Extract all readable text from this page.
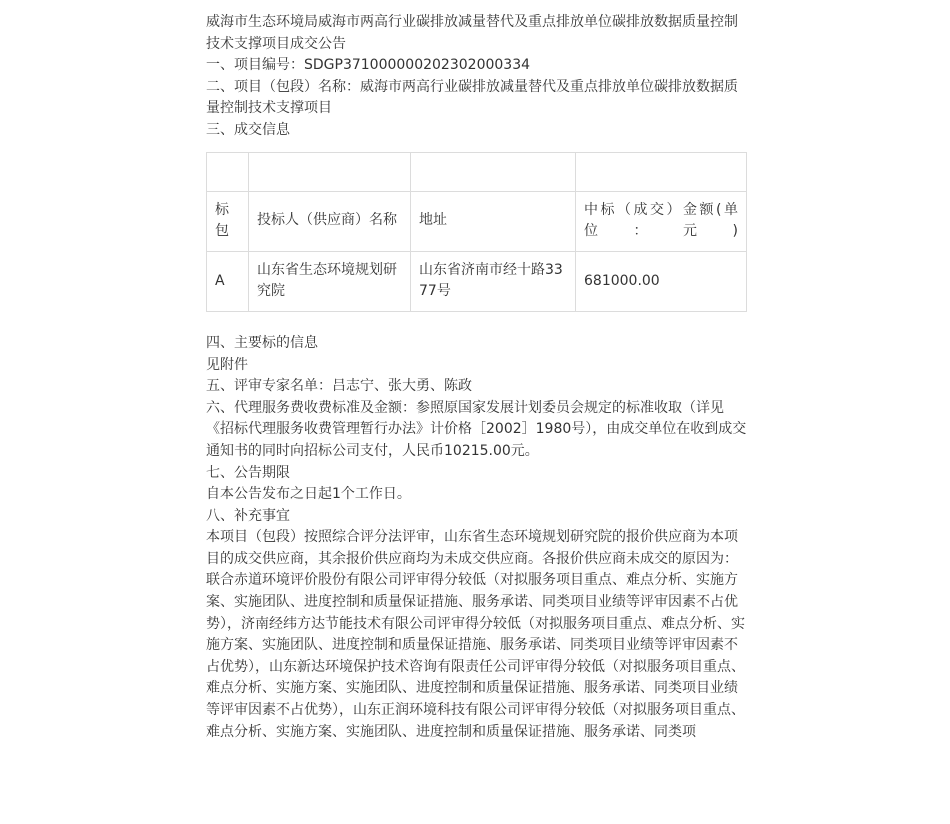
威海市生态环境局威海市两高行业碳排放减量替代及重点排放单位碳排放数据质量控制技术支撑项目成交公告

一、项目编号：SDGP371000000202302000334

二、项目（包段）名称：威海市两高行业碳排放减量替代及重点排放单位碳排放数据质量控制技术支撑项目

三、成交信息

标包	投标人（供应商）名称	地址	中标（成交）金额(单位：元)
A	山东省生态环境规划研究院	山东省济南市经十路3377号	681000.00

四、主要标的信息

见附件

五、评审专家名单：吕志宁、张大勇、陈政

六、代理服务费收费标准及金额：参照原国家发展计划委员会规定的标准收取（详见《招标代理服务收费管理暂行办法》计价格［2002］1980号），由成交单位在收到成交通知书的同时向招标公司支付，人民币10215.00元。

七、公告期限

自本公告发布之日起1个工作日。

八、补充事宜

本项目（包段）按照综合评分法评审，山东省生态环境规划研究院的报价供应商为本项目的成交供应商，其余报价供应商均为未成交供应商。各报价供应商未成交的原因为：联合赤道环境评价股份有限公司评审得分较低（对拟服务项目重点、难点分析、实施方案、实施团队、进度控制和质量保证措施、服务承诺、同类项目业绩等评审因素不占优势），济南经纬方达节能技术有限公司评审得分较低（对拟服务项目重点、难点分析、实施方案、实施团队、进度控制和质量保证措施、服务承诺、同类项目业绩等评审因素不占优势），山东新达环境保护技术咨询有限责任公司评审得分较低（对拟服务项目重点、难点分析、实施方案、实施团队、进度控制和质量保证措施、服务承诺、同类项目业绩等评审因素不占优势），山东正润环境科技有限公司评审得分较低（对拟服务项目重点、难点分析、实施方案、实施团队、进度控制和质量保证措施、服务承诺、同类项
